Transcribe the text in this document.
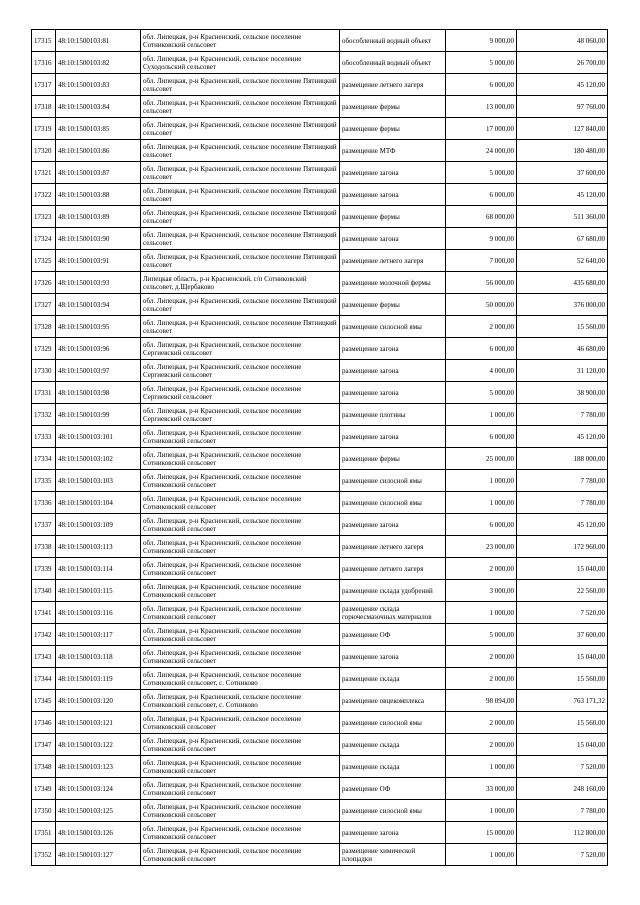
17315	48:10:1500103:81	обл. Липецкая, р-н Красненский, сельское поселение Сотниковский сельсовет	обособленный водный объект	9 000,00	48 060,00
17316	48:10:1500103:82	обл. Липецкая, р-н Красненский, сельское поселение Суходольский сельсовет	обособленный водный объект	5 000,00	26 700,00
17317	48:10:1500103:83	обл. Липецкая, р-н Красненский, сельское поселение Пятницкий сельсовет	размещение летнего лагеря	6 000,00	45 120,00
17318	48:10:1500103:84	обл. Липецкая, р-н Красненский, сельское поселение Пятницкий сельсовет	размещение фермы	13 000,00	97 760,00
17319	48:10:1500103:85	обл. Липецкая, р-н Красненский, сельское поселение Пятницкий сельсовет	размещение фермы	17 000,00	127 840,00
17320	48:10:1500103:86	обл. Липецкая, р-н Красненский, сельское поселение Пятницкий сельсовет	размещение МТФ	24 000,00	180 480,00
17321	48:10:1500103:87	обл. Липецкая, р-н Красненский, сельское поселение Пятницкий сельсовет	размещение загона	5 000,00	37 600,00
17322	48:10:1500103:88	обл. Липецкая, р-н Красненский, сельское поселение Пятницкий сельсовет	размещение загона	6 000,00	45 120,00
17323	48:10:1500103:89	обл. Липецкая, р-н Красненский, сельское поселение Пятницкий сельсовет	размещение фермы	68 000,00	511 360,00
17324	48:10:1500103:90	обл. Липецкая, р-н Красненский, сельское поселение Пятницкий сельсовет	размещение загона	9 000,00	67 680,00
17325	48:10:1500103:91	обл. Липецкая, р-н Красненский, сельское поселение Пятницкий сельсовет	размещение летнего лагеря	7 000,00	52 640,00
17326	48:10:1500103:93	Липецкая область, р-н Красненский, с/п Сотниковский сельсовет, д.Щербаково	размещение молочной фермы	56 000,00	435 680,00
17327	48:10:1500103:94	обл. Липецкая, р-н Красненский, сельское поселение Пятницкий сельсовет	размещение фермы	50 000,00	376 000,00
17328	48:10:1500103:95	обл. Липецкая, р-н Красненский, сельское поселение Пятницкий сельсовет	размещение силосной ямы	2 000,00	15 560,00
17329	48:10:1500103:96	обл. Липецкая, р-н Красненский, сельское поселение Сергиевский сельсовет	размещение загона	6 000,00	46 680,00
17330	48:10:1500103:97	обл. Липецкая, р-н Красненский, сельское поселение Сергиевский сельсовет	размещение загона	4 000,00	31 120,00
17331	48:10:1500103:98	обл. Липецкая, р-н Красненский, сельское поселение Сергиевский сельсовет	размещение загона	5 000,00	38 900,00
17332	48:10:1500103:99	обл. Липецкая, р-н Красненский, сельское поселение Сергиевский сельсовет	размещение плотины	1 000,00	7 780,00
17333	48:10:1500103:101	обл. Липецкая, р-н Красненский, сельское поселение Сотниковский сельсовет	размещение загона	6 000,00	45 120,00
17334	48:10:1500103:102	обл. Липецкая, р-н Красненский, сельское поселение Сотниковский сельсовет	размещение фермы	25 000,00	188 000,00
17335	48:10:1500103:103	обл. Липецкая, р-н Красненский, сельское поселение Сотниковский сельсовет	размещение силосной ямы	1 000,00	7 780,00
17336	48:10:1500103:104	обл. Липецкая, р-н Красненский, сельское поселение Сотниковский сельсовет	размещение силосной ямы	1 000,00	7 780,00
17337	48:10:1500103:109	обл. Липецкая, р-н Красненский, сельское поселение Сотниковский сельсовет	размещение загона	6 000,00	45 120,00
17338	48:10:1500103:113	обл. Липецкая, р-н Красненский, сельское поселение Сотниковский сельсовет	размещение летнего лагеря	23 000,00	172 960,00
17339	48:10:1500103:114	обл. Липецкая, р-н Красненский, сельское поселение Сотниковский сельсовет	размещение летнего лагеря	2 000,00	15 040,00
17340	48:10:1500103:115	обл. Липецкая, р-н Красненский, сельское поселение Сотниковский сельсовет	размещение склада удобрений	3 000,00	22 560,00
17341	48:10:1500103:116	обл. Липецкая, р-н Красненский, сельское поселение Сотниковский сельсовет	размещение склада горючесмазочных материалов	1 000,00	7 520,00
17342	48:10:1500103:117	обл. Липецкая, р-н Красненский, сельское поселение Сотниковский сельсовет	размещение ОФ	5 000,00	37 600,00
17343	48:10:1500103:118	обл. Липецкая, р-н Красненский, сельское поселение Сотниковский сельсовет	размещение загона	2 000,00	15 040,00
17344	48:10:1500103:119	обл. Липецкая, р-н Красненский, сельское поселение Сотниковский сельсовет, с. Сотниково	размещение склада	2 000,00	15 560,00
17345	48:10:1500103:120	обл. Липецкая, р-н Красненский, сельское поселение Сотниковский сельсовет, с. Сотниково	размещение овцекомплекса	98 094,00	763 171,32
17346	48:10:1500103:121	обл. Липецкая, р-н Красненский, сельское поселение Сотниковский сельсовет	размещение силосной ямы	2 000,00	15 560,00
17347	48:10:1500103:122	обл. Липецкая, р-н Красненский, сельское поселение Сотниковский сельсовет	размещение склада	2 000,00	15 040,00
17348	48:10:1500103:123	обл. Липецкая, р-н Красненский, сельское поселение Сотниковский сельсовет	размещение склада	1 000,00	7 520,00
17349	48:10:1500103:124	обл. Липецкая, р-н Красненский, сельское поселение Сотниковский сельсовет	размещение ОФ	33 000,00	248 160,00
17350	48:10:1500103:125	обл. Липецкая, р-н Красненский, сельское поселение Сотниковский сельсовет	размещение силосной ямы	1 000,00	7 780,00
17351	48:10:1500103:126	обл. Липецкая, р-н Красненский, сельское поселение Сотниковский сельсовет	размещение загона	15 000,00	112 800,00
17352	48:10:1500103:127	обл. Липецкая, р-н Красненский, сельское поселение Сотниковский сельсовет	размещение химической площадки	1 000,00	7 520,00
